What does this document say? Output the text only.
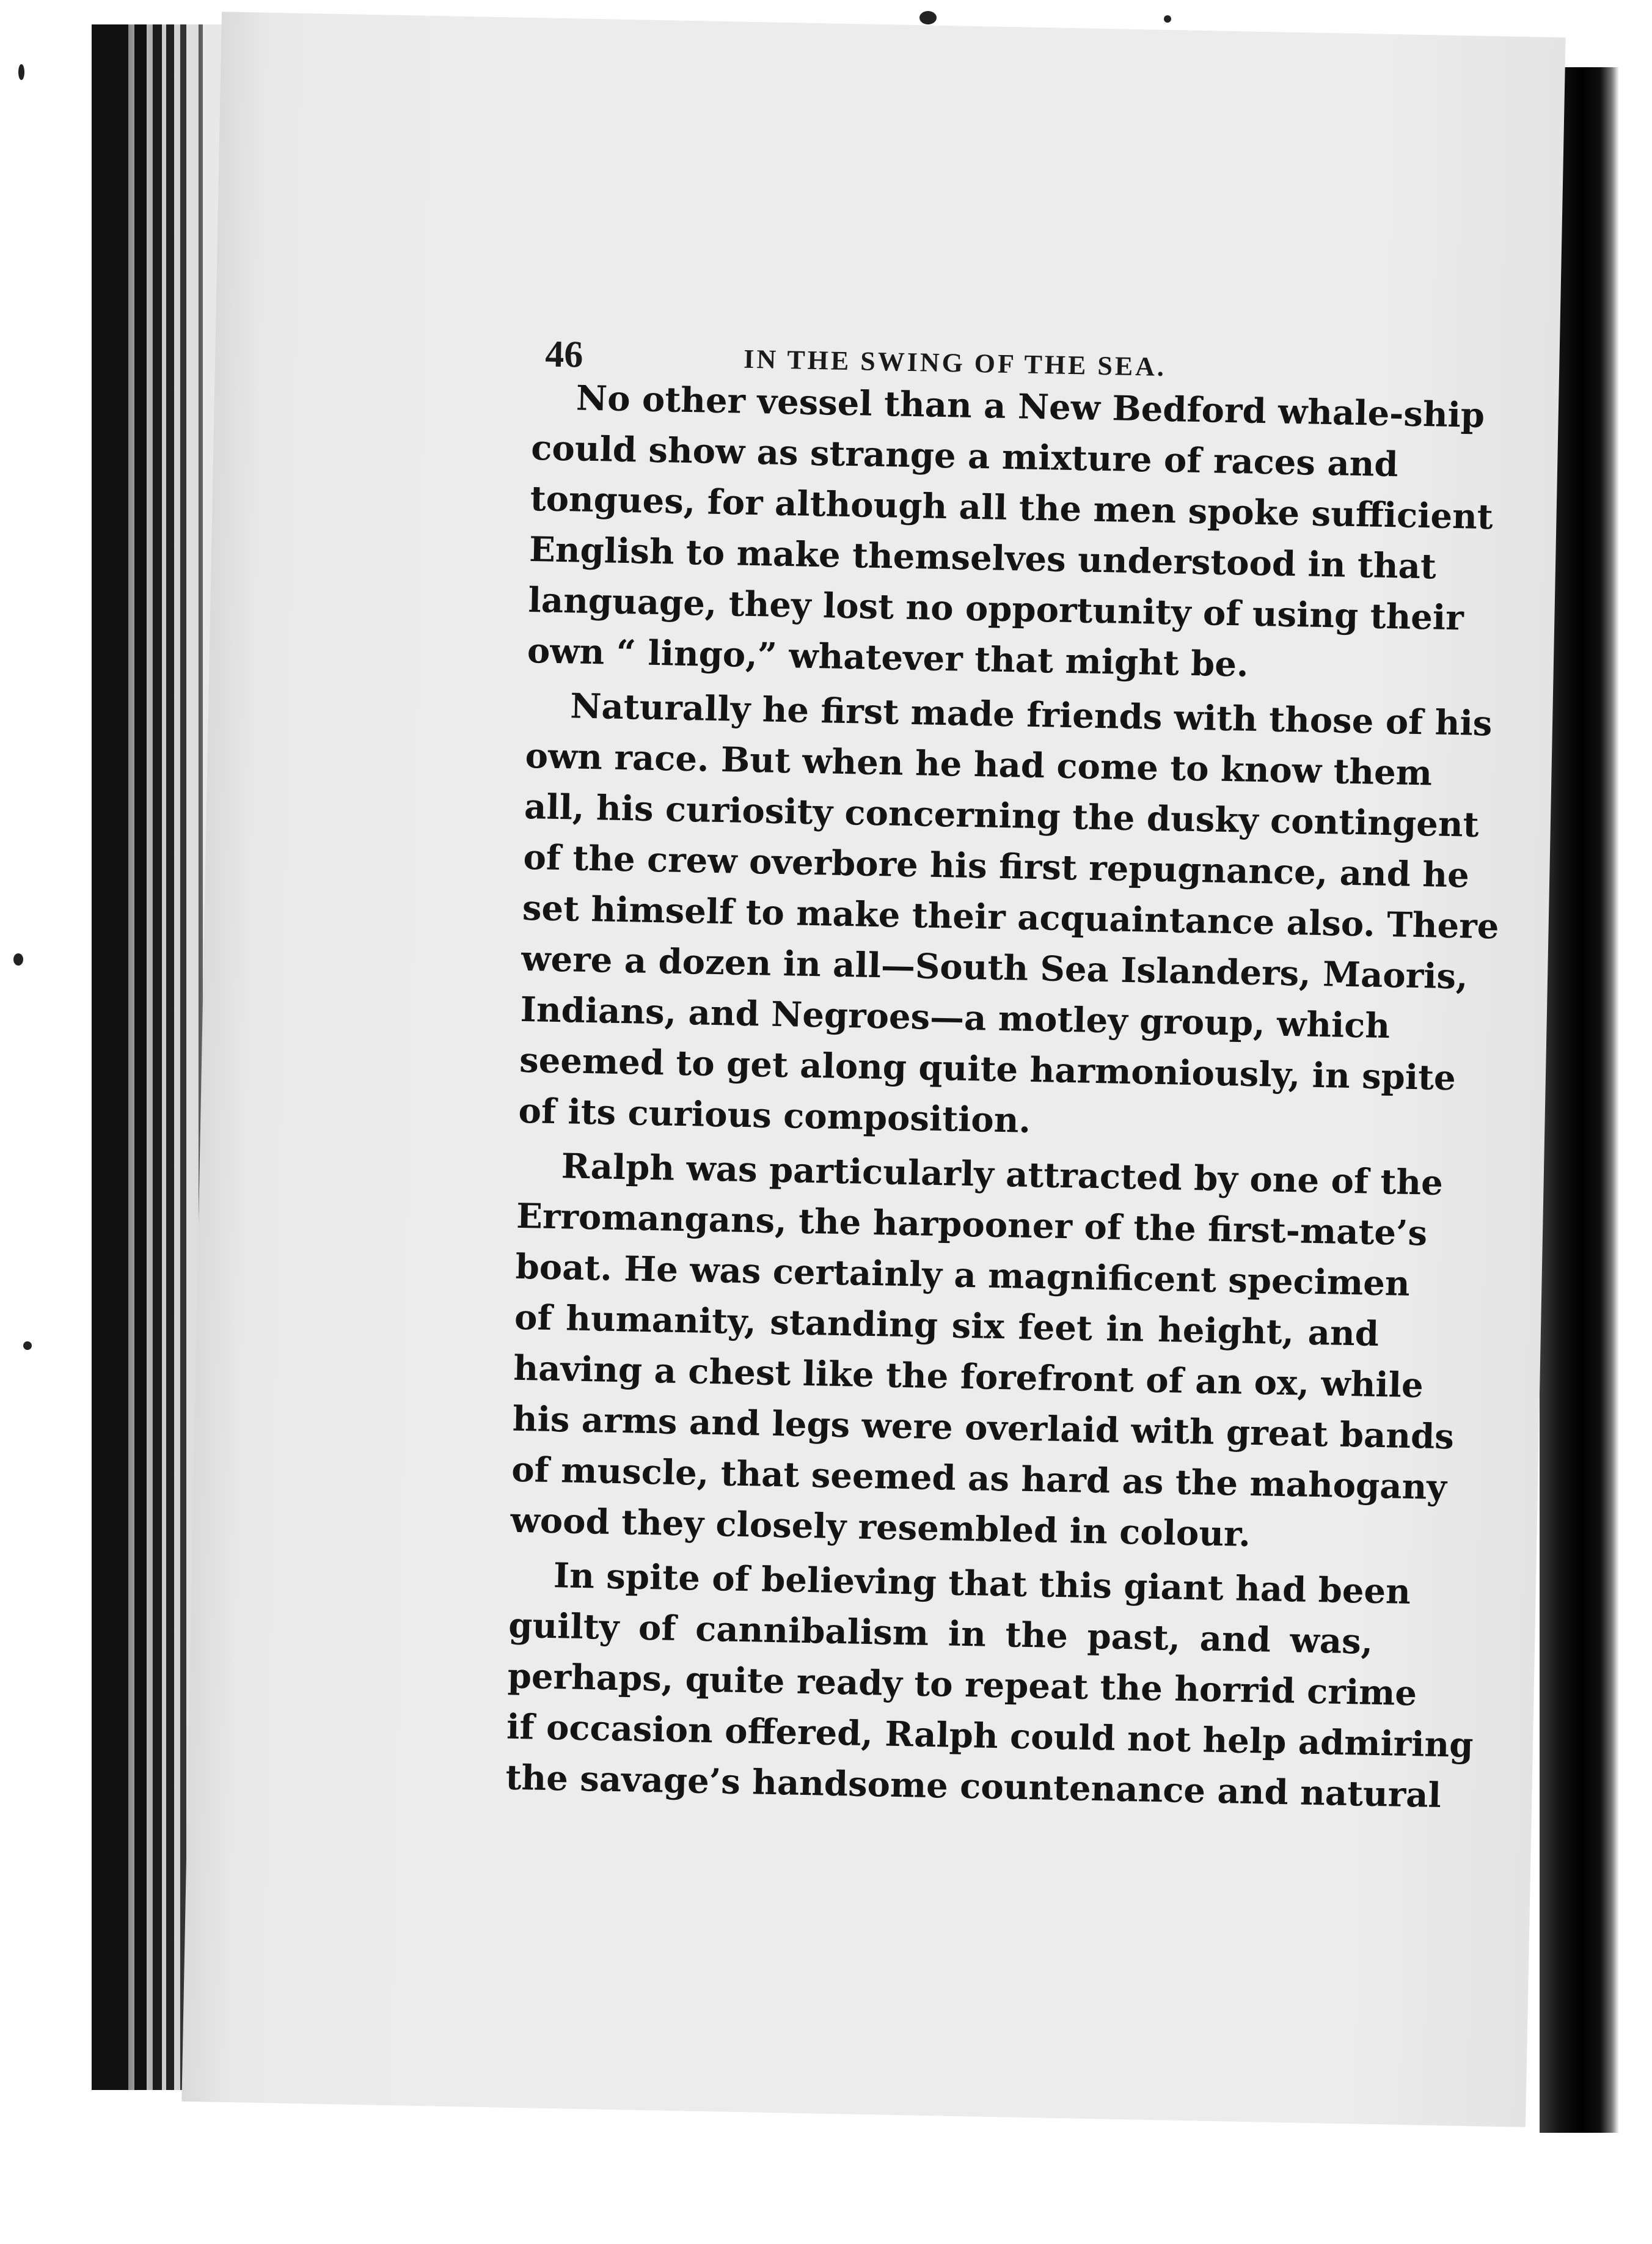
46	IN THE SWING OF THE SEA.
No other vessel than a New Bedford whale-ship
could show as strange a mixture of races and
tongues, for although all the men spoke sufficient
English to make themselves understood in that
language, they lost no opportunity of using their
own “ lingo,” whatever that might be.
Naturally he first made friends with those of his
own race. But when he had come to know them
all, his curiosity concerning the dusky contingent
of the crew overbore his first repugnance, and he
set himself to make their acquaintance also. There
were a dozen in all—South Sea Islanders, Maoris,
Indians, and Negroes—a motley group, which
seemed to get along quite harmoniously, in spite
of its curious composition.
Ralph was particularly attracted by one of the
Erromangans, the harpooner of the first-mate’s
boat. He was certainly a magnificent specimen
of humanity, standing six feet in height, and
having a chest like the forefront of an ox, while
his arms and legs were overlaid with great bands
of muscle, that seemed as hard as the mahogany
wood they closely resembled in colour.
In spite of believing that this giant had been
guilty of cannibalism in the past, and was,
perhaps, quite ready to repeat the horrid crime
if occasion offered, Ralph could not help admiring
the savage’s handsome countenance and natural
